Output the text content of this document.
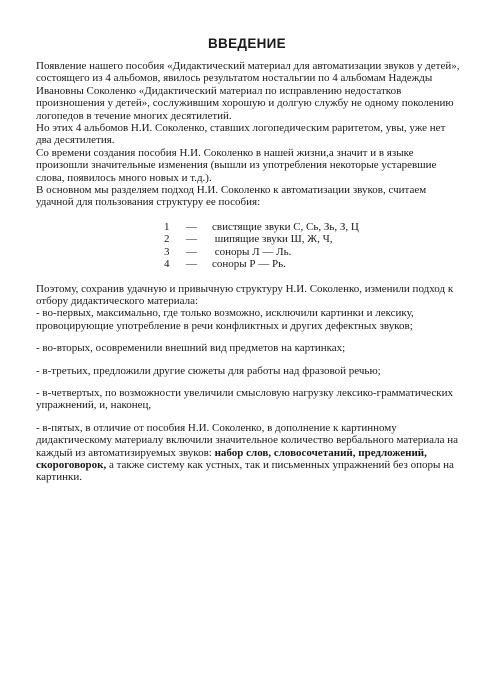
ВВЕДЕНИЕ

Появление нашего пособия «Дидактический материал для автоматизации звуков у детей», состоящего из 4 альбомов, явилось результатом ностальгии по 4 альбомам Надежды Ивановны Соколенко «Дидактический материал по исправлению недостатков произношения у детей», сослужившим хорошую и долгую службу не одному поколению логопедов в течение многих десятилетий.

Но этих 4 альбомов Н.И. Соколенко, ставших логопедическим раритетом, увы, уже нет два десятилетия.

Со времени создания пособия Н.И. Соколенко в нашей жизни,а значит и в языке произошли значительные изменения (вышли из употребления некоторые устаревшие слова, появилось много новых и т.д.).

В основном мы разделяем подход Н.И. Соколенко к автоматизации звуков, считаем удачной для пользования структуру ее пособия:

1 — свистящие звуки С, Сь, Зь, З, Ц
2 — шипящие звуки Ш, Ж, Ч,
3 — соноры Л — Ль.
4 — соноры Р — Рь.

Поэтому, сохранив удачную и привычную структуру Н.И. Соколенко, изменили подход к отбору дидактического материала:

- во-первых, максимально, где только возможно, исключили картинки и лексику, провоцирующие употребление в речи конфликтных и других дефектных звуков;

- во-вторых, осовременили внешний вид предметов на картинках;

- в-третьих, предложили другие сюжеты для работы над фразовой речью;

- в-четвертых, по возможности увеличили смысловую нагрузку лексико-грамматических упражнений, и, наконец,

- в-пятых, в отличие от пособия Н.И. Соколенко, в дополнение к картинному дидактическому материалу включили значительное количество вербального материала на каждый из автоматизируемых звуков: набор слов, словосочетаний, предложений, скороговорок, а также систему как устных, так и письменных упражнений без опоры на картинки.
